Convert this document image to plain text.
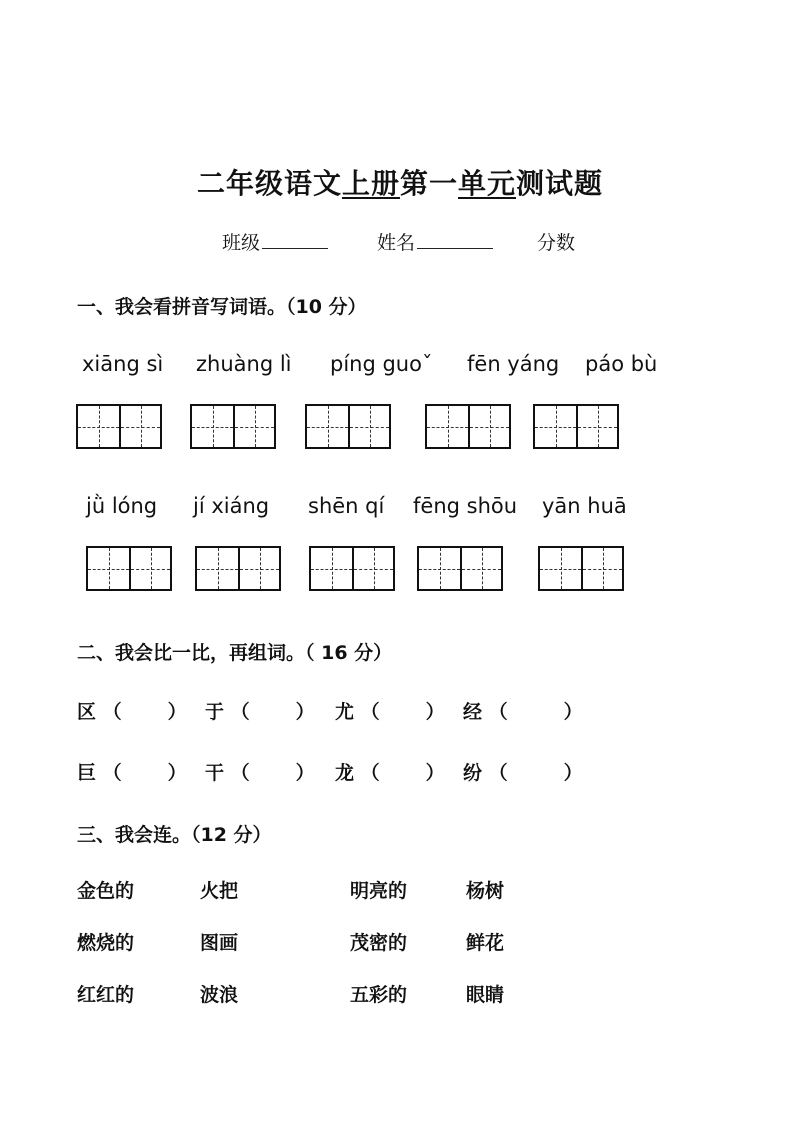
二年级语文上册第一单元测试题
班级	姓名	分数
一、我会看拼音写词语。（10 分）
xiāng sì zhuàng lì píng guoˇ fēn yáng páo bù
jǜ lóng jí xiáng shēn qí fēng shōu yān huā
二、我会比一比，再组词。（ 16 分）
区 （ ） 于 （ ） 尤 （ ） 经 （	）
巨 （ ） 干 （ ） 龙 （ ） 纷 （	）
三、我会连。（12 分）
金色的	火把	明亮的	杨树
燃烧的	图画	茂密的	鲜花
红红的	波浪	五彩的	眼睛
